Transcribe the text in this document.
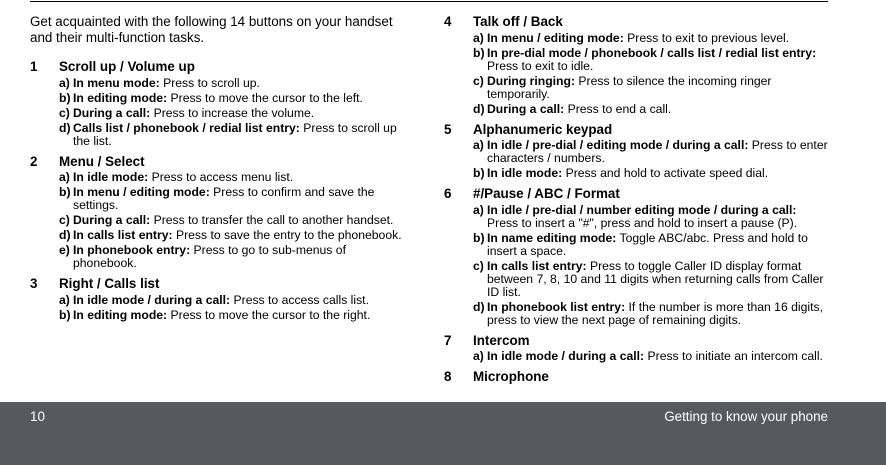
Get acquainted with the following 14 buttons on your handset and their multi-function tasks.

1	Scroll up / Volume up
a) In menu mode: Press to scroll up.
b) In editing mode: Press to move the cursor to the left.
c) During a call: Press to increase the volume.
d) Calls list / phonebook / redial list entry: Press to scroll up the list.
2	Menu / Select
a) In idle mode: Press to access menu list.
b) In menu / editing mode: Press to confirm and save the settings.
c) During a call: Press to transfer the call to another handset.
d) In calls list entry: Press to save the entry to the phonebook.
e) In phonebook entry: Press to go to sub-menus of phonebook.
3	Right / Calls list
a) In idle mode / during a call: Press to access calls list.
b) In editing mode: Press to move the cursor to the right.
4	Talk off / Back
a) In menu / editing mode: Press to exit to previous level.
b) In pre-dial mode / phonebook / calls list / redial list entry: Press to exit to idle.
c) During ringing: Press to silence the incoming ringer temporarily.
d) During a call: Press to end a call.
5	Alphanumeric keypad
a) In idle / pre-dial / editing mode / during a call: Press to enter characters / numbers.
b) In idle mode: Press and hold to activate speed dial.
6	#/Pause / ABC / Format
a) In idle / pre-dial / number editing mode / during a call: Press to insert a "#", press and hold to insert a pause (P).
b) In name editing mode: Toggle ABC/abc. Press and hold to insert a space.
c) In calls list entry: Press to toggle Caller ID display format between 7, 8, 10 and 11 digits when returning calls from Caller ID list.
d) In phonebook list entry: If the number is more than 16 digits, press to view the next page of remaining digits.
7	Intercom
a) In idle mode / during a call: Press to initiate an intercom call.
8	Microphone
10	Getting to know your phone
